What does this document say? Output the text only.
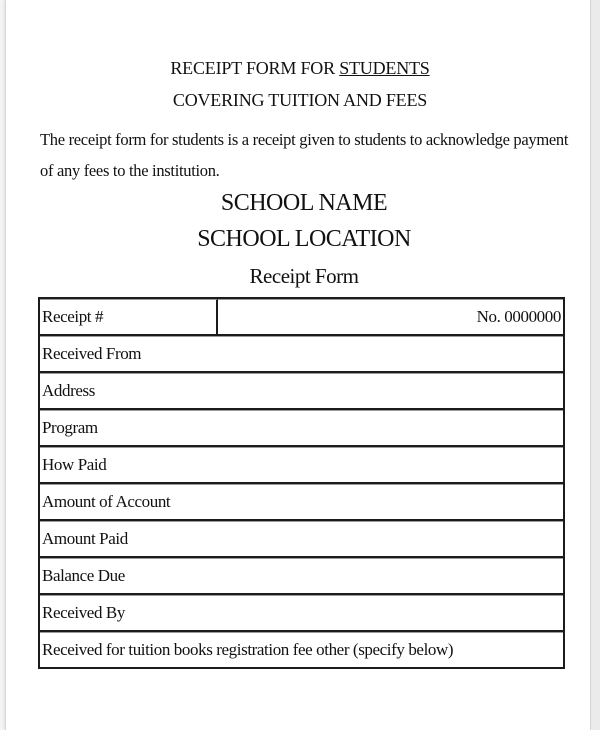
RECEIPT FORM FOR STUDENTS
COVERING TUITION AND FEES
The receipt form for students is a receipt given to students to acknowledge payment of any fees to the institution.
SCHOOL NAME
SCHOOL LOCATION
Receipt Form
Receipt #	No. 0000000
Received From
Address
Program
How Paid
Amount of Account
Amount Paid
Balance Due
Received By
Received for tuition books registration fee other (specify below)
